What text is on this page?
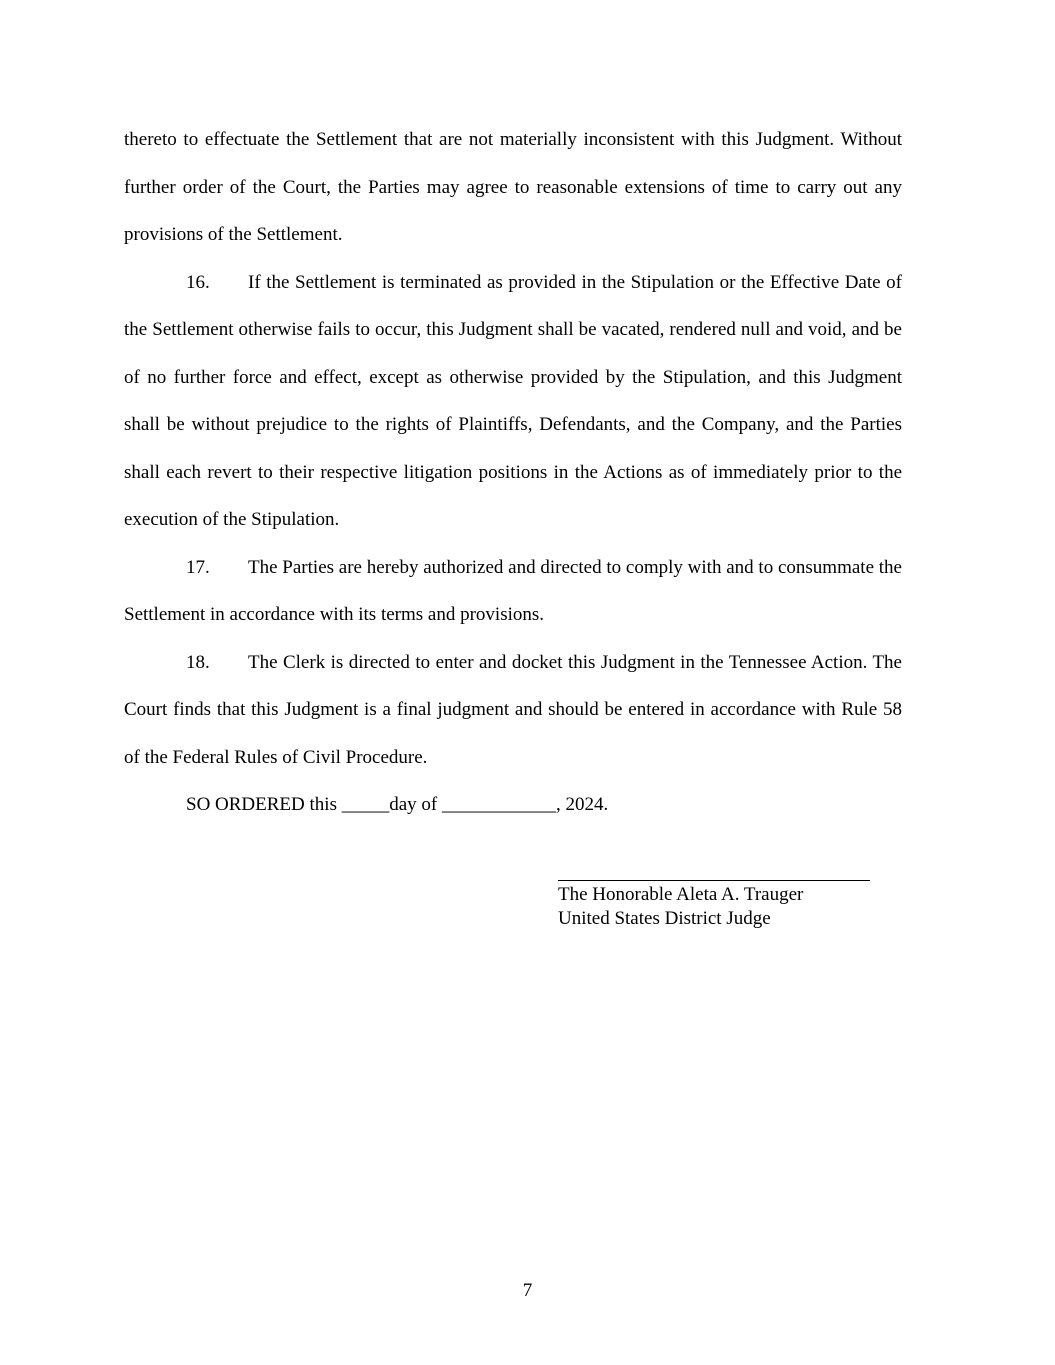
thereto to effectuate the Settlement that are not materially inconsistent with this Judgment. Without further order of the Court, the Parties may agree to reasonable extensions of time to carry out any provisions of the Settlement.

16. If the Settlement is terminated as provided in the Stipulation or the Effective Date of the Settlement otherwise fails to occur, this Judgment shall be vacated, rendered null and void, and be of no further force and effect, except as otherwise provided by the Stipulation, and this Judgment shall be without prejudice to the rights of Plaintiffs, Defendants, and the Company, and the Parties shall each revert to their respective litigation positions in the Actions as of immediately prior to the execution of the Stipulation.

17. The Parties are hereby authorized and directed to comply with and to consummate the Settlement in accordance with its terms and provisions.

18. The Clerk is directed to enter and docket this Judgment in the Tennessee Action. The Court finds that this Judgment is a final judgment and should be entered in accordance with Rule 58 of the Federal Rules of Civil Procedure.

SO ORDERED this _____day of ____________, 2024.

The Honorable Aleta A. Trauger
United States District Judge
7
